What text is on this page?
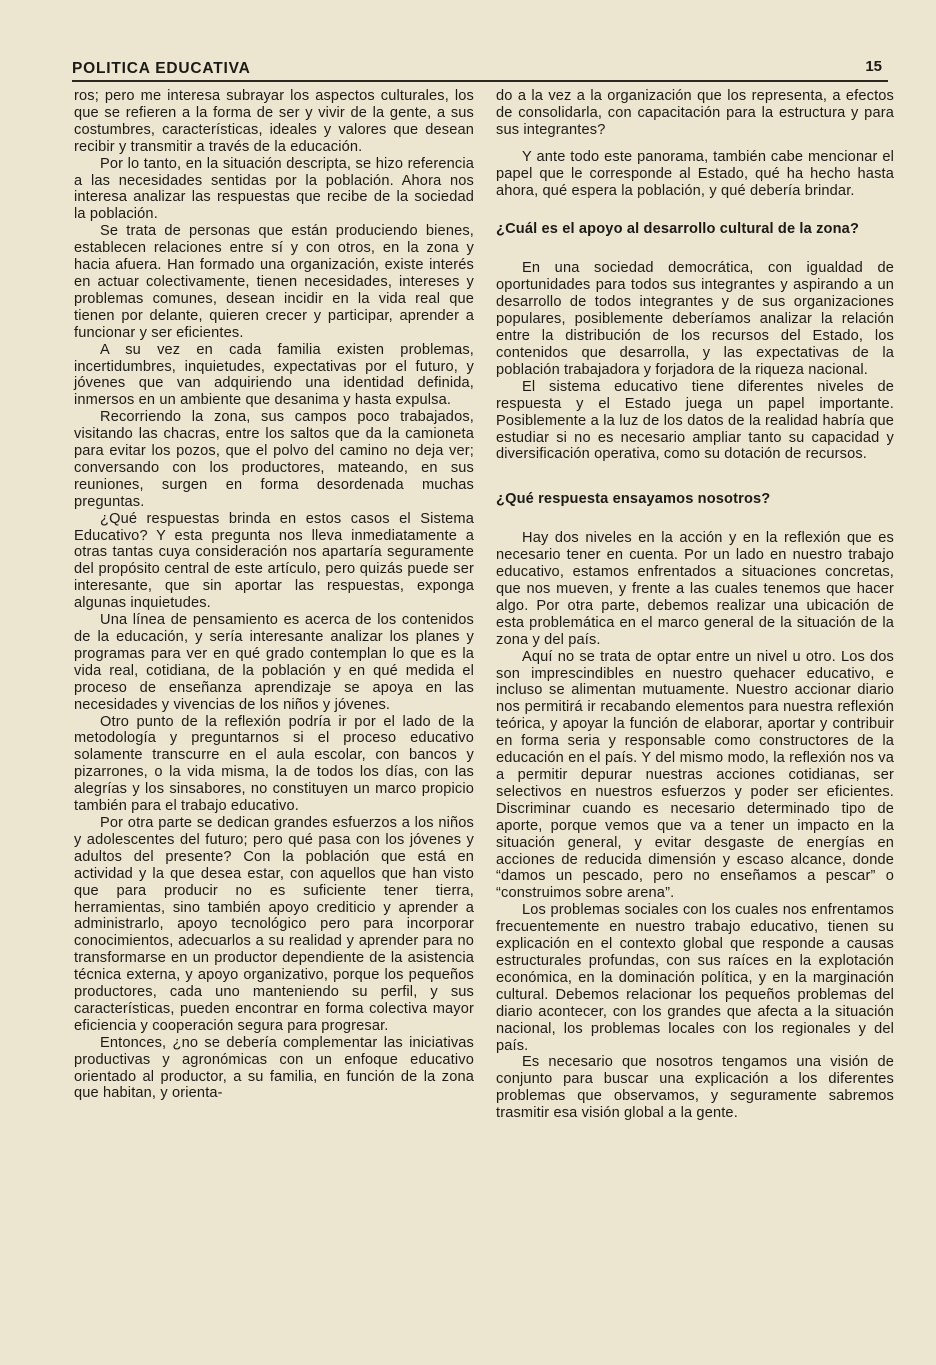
POLITICA EDUCATIVA	15

ros; pero me interesa subrayar los aspectos culturales, los que se refieren a la forma de ser y vivir de la gente, a sus costumbres, características, ideales y valores que desean recibir y transmitir a través de la educación.

Por lo tanto, en la situación descripta, se hizo referencia a las necesidades sentidas por la población. Ahora nos interesa analizar las respuestas que recibe de la sociedad la población.

Se trata de personas que están produciendo bienes, establecen relaciones entre sí y con otros, en la zona y hacia afuera. Han formado una organización, existe interés en actuar colectivamente, tienen necesidades, intereses y problemas comunes, desean incidir en la vida real que tienen por delante, quieren crecer y participar, aprender a funcionar y ser eficientes.

A su vez en cada familia existen problemas, incertidumbres, inquietudes, expectativas por el futuro, y jóvenes que van adquiriendo una identidad definida, inmersos en un ambiente que desanima y hasta expulsa.

Recorriendo la zona, sus campos poco trabajados, visitando las chacras, entre los saltos que da la camioneta para evitar los pozos, que el polvo del camino no deja ver; conversando con los productores, mateando, en sus reuniones, surgen en forma desordenada muchas preguntas.

¿Qué respuestas brinda en estos casos el Sistema Educativo? Y esta pregunta nos lleva inmediatamente a otras tantas cuya consideración nos apartaría seguramente del propósito central de este artículo, pero quizás puede ser interesante, que sin aportar las respuestas, exponga algunas inquietudes.

Una línea de pensamiento es acerca de los contenidos de la educación, y sería interesante analizar los planes y programas para ver en qué grado contemplan lo que es la vida real, cotidiana, de la población y en qué medida el proceso de enseñanza aprendizaje se apoya en las necesidades y vivencias de los niños y jóvenes.

Otro punto de la reflexión podría ir por el lado de la metodología y preguntarnos si el proceso educativo solamente transcurre en el aula escolar, con bancos y pizarrones, o la vida misma, la de todos los días, con las alegrías y los sinsabores, no constituyen un marco propicio también para el trabajo educativo.

Por otra parte se dedican grandes esfuerzos a los niños y adolescentes del futuro; pero qué pasa con los jóvenes y adultos del presente? Con la población que está en actividad y la que desea estar, con aquellos que han visto que para producir no es suficiente tener tierra, herramientas, sino también apoyo crediticio y aprender a administrarlo, apoyo tecnológico pero para incorporar conocimientos, adecuarlos a su realidad y aprender para no transformarse en un productor dependiente de la asistencia técnica externa, y apoyo organizativo, porque los pequeños productores, cada uno manteniendo su perfil, y sus características, pueden encontrar en forma colectiva mayor eficiencia y cooperación segura para progresar.

Entonces, ¿no se debería complementar las iniciativas productivas y agronómicas con un enfoque educativo orientado al productor, a su familia, en función de la zona que habitan, y orienta-

do a la vez a la organización que los representa, a efectos de consolidarla, con capacitación para la estructura y para sus integrantes?

Y ante todo este panorama, también cabe mencionar el papel que le corresponde al Estado, qué ha hecho hasta ahora, qué espera la población, y qué debería brindar.

¿Cuál es el apoyo al desarrollo cultural de la zona?

En una sociedad democrática, con igualdad de oportunidades para todos sus integrantes y aspirando a un desarrollo de todos integrantes y de sus organizaciones populares, posiblemente deberíamos analizar la relación entre la distribución de los recursos del Estado, los contenidos que desarrolla, y las expectativas de la población trabajadora y forjadora de la riqueza nacional.

El sistema educativo tiene diferentes niveles de respuesta y el Estado juega un papel importante. Posiblemente a la luz de los datos de la realidad habría que estudiar si no es necesario ampliar tanto su capacidad y diversificación operativa, como su dotación de recursos.

¿Qué respuesta ensayamos nosotros?

Hay dos niveles en la acción y en la reflexión que es necesario tener en cuenta. Por un lado en nuestro trabajo educativo, estamos enfrentados a situaciones concretas, que nos mueven, y frente a las cuales tenemos que hacer algo. Por otra parte, debemos realizar una ubicación de esta problemática en el marco general de la situación de la zona y del país.

Aquí no se trata de optar entre un nivel u otro. Los dos son imprescindibles en nuestro quehacer educativo, e incluso se alimentan mutuamente. Nuestro accionar diario nos permitirá ir recabando elementos para nuestra reflexión teórica, y apoyar la función de elaborar, aportar y contribuir en forma seria y responsable como constructores de la educación en el país. Y del mismo modo, la reflexión nos va a permitir depurar nuestras acciones cotidianas, ser selectivos en nuestros esfuerzos y poder ser eficientes. Discriminar cuando es necesario determinado tipo de aporte, porque vemos que va a tener un impacto en la situación general, y evitar desgaste de energías en acciones de reducida dimensión y escaso alcance, donde “damos un pescado, pero no enseñamos a pescar” o “construimos sobre arena”.

Los problemas sociales con los cuales nos enfrentamos frecuentemente en nuestro trabajo educativo, tienen su explicación en el contexto global que responde a causas estructurales profundas, con sus raíces en la explotación económica, en la dominación política, y en la marginación cultural. Debemos relacionar los pequeños problemas del diario acontecer, con los grandes que afecta a la situación nacional, los problemas locales con los regionales y del país.

Es necesario que nosotros tengamos una visión de conjunto para buscar una explicación a los diferentes problemas que observamos, y seguramente sabremos trasmitir esa visión global a la gente.
